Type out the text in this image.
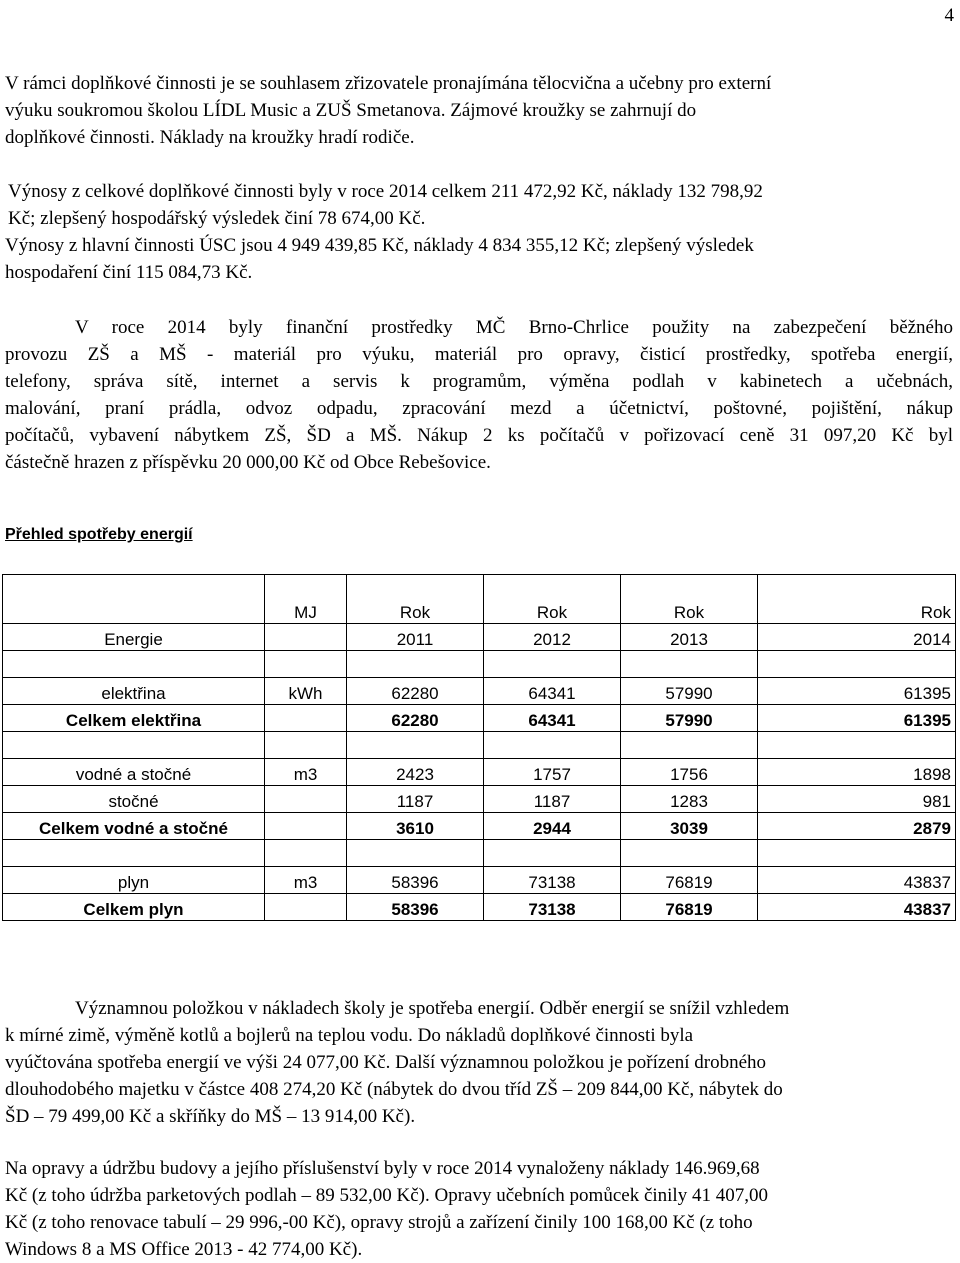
4
V rámci doplňkové činnosti je se souhlasem zřizovatele pronajímána tělocvična a učebny pro externí
výuku soukromou školou LÍDL Music a ZUŠ Smetanova. Zájmové kroužky se zahrnují do
doplňkové činnosti. Náklady na kroužky hradí rodiče.
Výnosy z celkové doplňkové činnosti byly v roce 2014 celkem 211 472,92 Kč, náklady 132 798,92
Kč; zlepšený hospodářský výsledek činí 78 674,00 Kč.
Výnosy z hlavní činnosti ÚSC jsou 4 949 439,85 Kč, náklady 4 834 355,12 Kč; zlepšený výsledek
hospodaření činí 115 084,73 Kč.
V roce 2014 byly finanční prostředky MČ Brno-Chrlice použity na zabezpečení běžného
provozu ZŠ a MŠ - materiál pro výuku, materiál pro opravy, čisticí prostředky, spotřeba energií,
telefony, správa sítě, internet a servis k programům, výměna podlah v kabinetech a učebnách,
malování, praní prádla, odvoz odpadu, zpracování mezd a účetnictví, poštovné, pojištění, nákup
počítačů, vybavení nábytkem ZŠ, ŠD a MŠ. Nákup 2 ks počítačů v pořizovací ceně 31 097,20 Kč byl
částečně hrazen z příspěvku 20 000,00 Kč od Obce Rebešovice.
Přehled spotřeby energií
	MJ	Rok	Rok	Rok	Rok
Energie		2011	2012	2013	2014

elektřina	kWh	62280	64341	57990	61395
Celkem elektřina		62280	64341	57990	61395

vodné a stočné	m3	2423	1757	1756	1898
stočné		1187	1187	1283	981
Celkem vodné a stočné		3610	2944	3039	2879

plyn	m3	58396	73138	76819	43837
Celkem plyn		58396	73138	76819	43837
Významnou položkou v nákladech školy je spotřeba energií. Odběr energií se snížil vzhledem
k mírné zimě, výměně kotlů a bojlerů na teplou vodu. Do nákladů doplňkové činnosti byla
vyúčtována spotřeba energií ve výši 24 077,00 Kč. Další významnou položkou je pořízení drobného
dlouhodobého majetku v částce 408 274,20 Kč (nábytek do dvou tříd ZŠ – 209 844,00 Kč, nábytek do
ŠD – 79 499,00 Kč a skříňky do MŠ – 13 914,00 Kč).
Na opravy a údržbu budovy a jejího příslušenství byly v roce 2014 vynaloženy náklady 146.969,68
Kč (z toho údržba parketových podlah – 89 532,00 Kč). Opravy učebních pomůcek činily 41 407,00
Kč (z toho renovace tabulí – 29 996,-00 Kč), opravy strojů a zařízení činily 100 168,00 Kč (z toho
Windows 8 a MS Office 2013 - 42 774,00 Kč).
